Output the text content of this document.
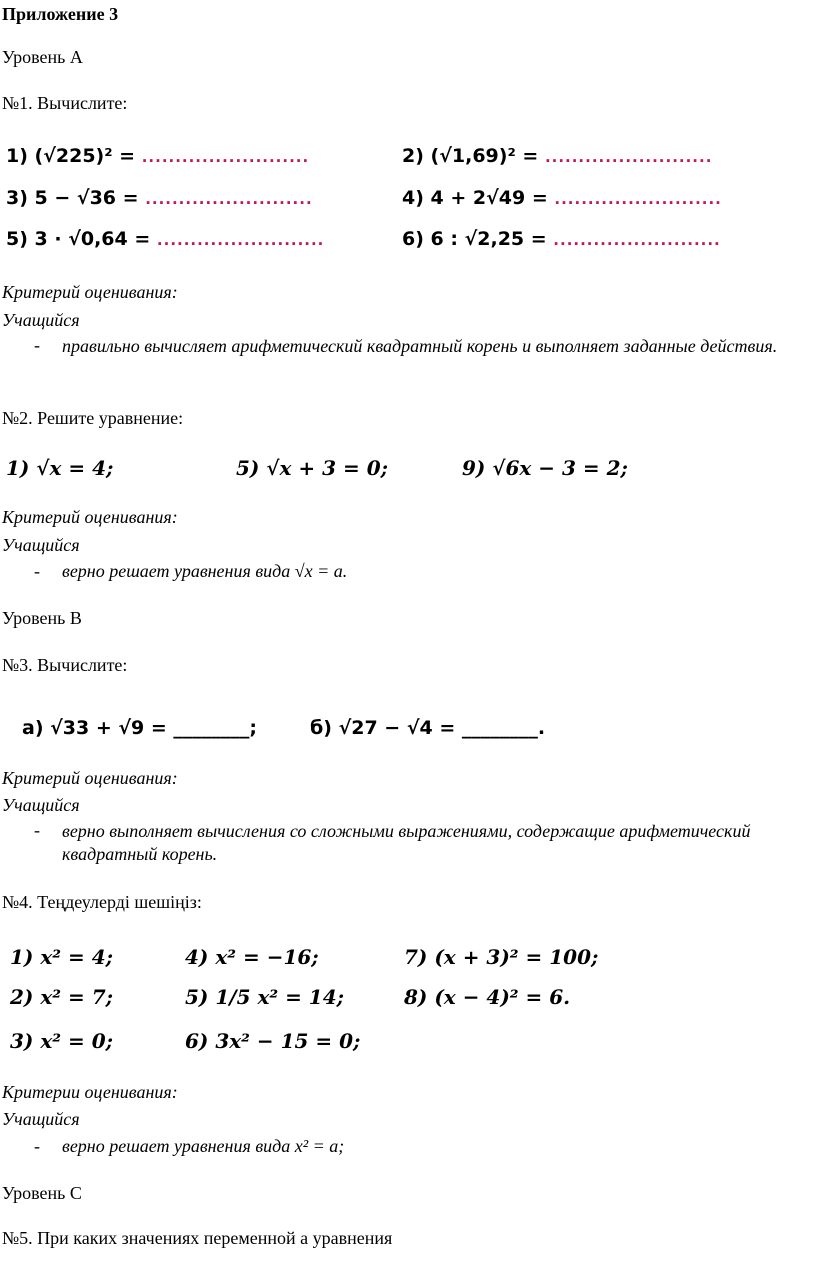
Приложение 3
Уровень А
№1. Вычислите:
1) (√225)² = .........................	2) (√1,69)² = .........................
3) 5 − √36 = .........................	4) 4 + 2√49 = .........................
5) 3 · √0,64 = .........................	6) 6 : √2,25 = .........................
Критерий оценивания:
Учащийся
- правильно вычисляет арифметический квадратный корень и выполняет заданные действия.
№2. Решите уравнение:
1) √x = 4;	5) √x + 3 = 0;	9) √6x − 3 = 2;
Критерий оценивания:
Учащийся
- верно решает уравнения вида √x = a.
Уровень В
№3. Вычислите:
а) √33 + √9 = ________;	б) √27 − √4 = ________.
Критерий оценивания:
Учащийся
- верно выполняет вычисления со сложными выражениями, содержащие арифметический квадратный корень.
№4. Теңдеулерді шешіңіз:
1) x² = 4;	4) x² = −16;	7) (x + 3)² = 100;
2) x² = 7;	5) 1/5 x² = 14;	8) (x − 4)² = 6.
3) x² = 0;	6) 3x² − 15 = 0;
Критерии оценивания:
Учащийся
- верно решает уравнения вида x² = a;
Уровень С
№5. При каких значениях переменной a уравнения
